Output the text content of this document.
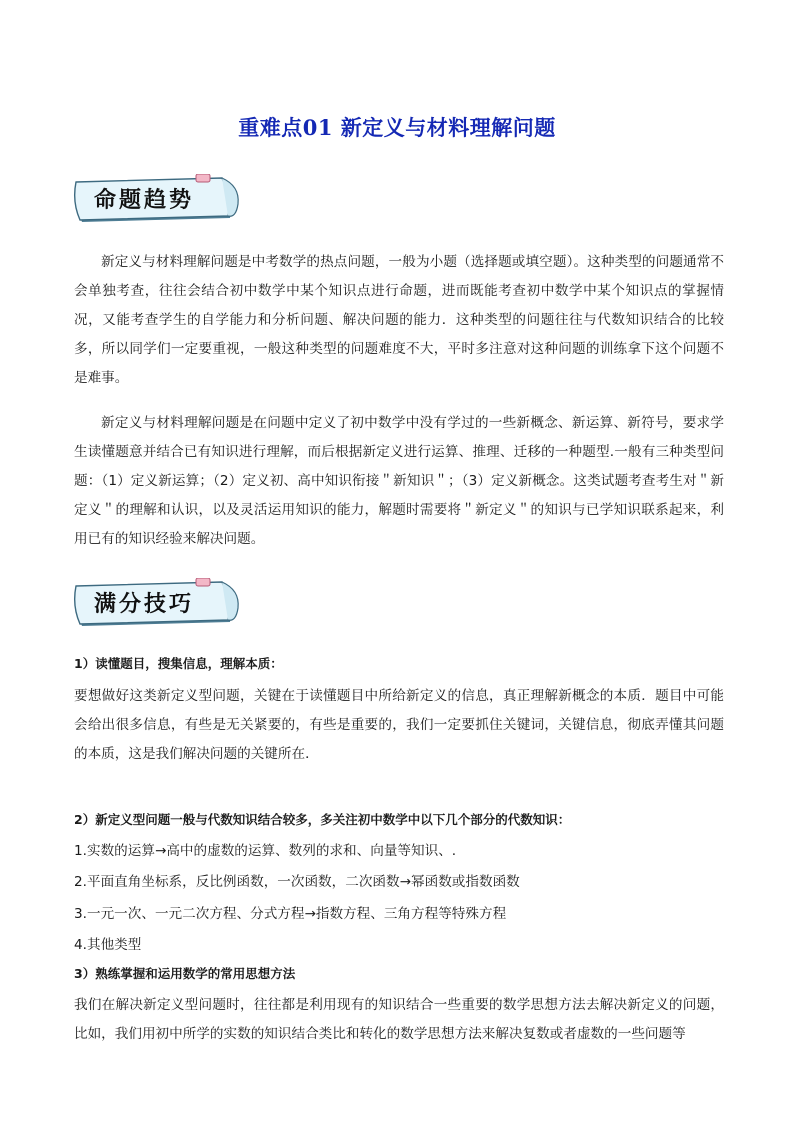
重难点01 新定义与材料理解问题
命题趋势

新定义与材料理解问题是中考数学的热点问题，一般为小题（选择题或填空题）。这种类型的问题通常不会单独考查，往往会结合初中数学中某个知识点进行命题，进而既能考查初中数学中某个知识点的掌握情况，又能考查学生的自学能力和分析问题、解决问题的能力．这种类型的问题往往与代数知识结合的比较多，所以同学们一定要重视，一般这种类型的问题难度不大，平时多注意对这种问题的训练拿下这个问题不是难事。

新定义与材料理解问题是在问题中定义了初中数学中没有学过的一些新概念、新运算、新符号，要求学生读懂题意并结合已有知识进行理解，而后根据新定义进行运算、推理、迁移的一种题型.一般有三种类型问题：（1）定义新运算；（2）定义初、高中知识衔接＂新知识＂；（3）定义新概念。这类试题考查考生对＂新定义＂的理解和认识，以及灵活运用知识的能力，解题时需要将＂新定义＂的知识与已学知识联系起来，利用已有的知识经验来解决问题。

满分技巧

1）读懂题目，搜集信息，理解本质：

要想做好这类新定义型问题，关键在于读懂题目中所给新定义的信息，真正理解新概念的本质．题目中可能会给出很多信息，有些是无关紧要的，有些是重要的，我们一定要抓住关键词，关键信息，彻底弄懂其问题的本质，这是我们解决问题的关键所在．

2）新定义型问题一般与代数知识结合较多，多关注初中数学中以下几个部分的代数知识：

1.实数的运算→高中的虚数的运算、数列的求和、向量等知识、.

2.平面直角坐标系，反比例函数，一次函数，二次函数→幂函数或指数函数

3.一元一次、一元二次方程、分式方程→指数方程、三角方程等特殊方程

4.其他类型

3）熟练掌握和运用数学的常用思想方法

我们在解决新定义型问题时，往往都是利用现有的知识结合一些重要的数学思想方法去解决新定义的问题，比如，我们用初中所学的实数的知识结合类比和转化的数学思想方法来解决复数或者虚数的一些问题等
